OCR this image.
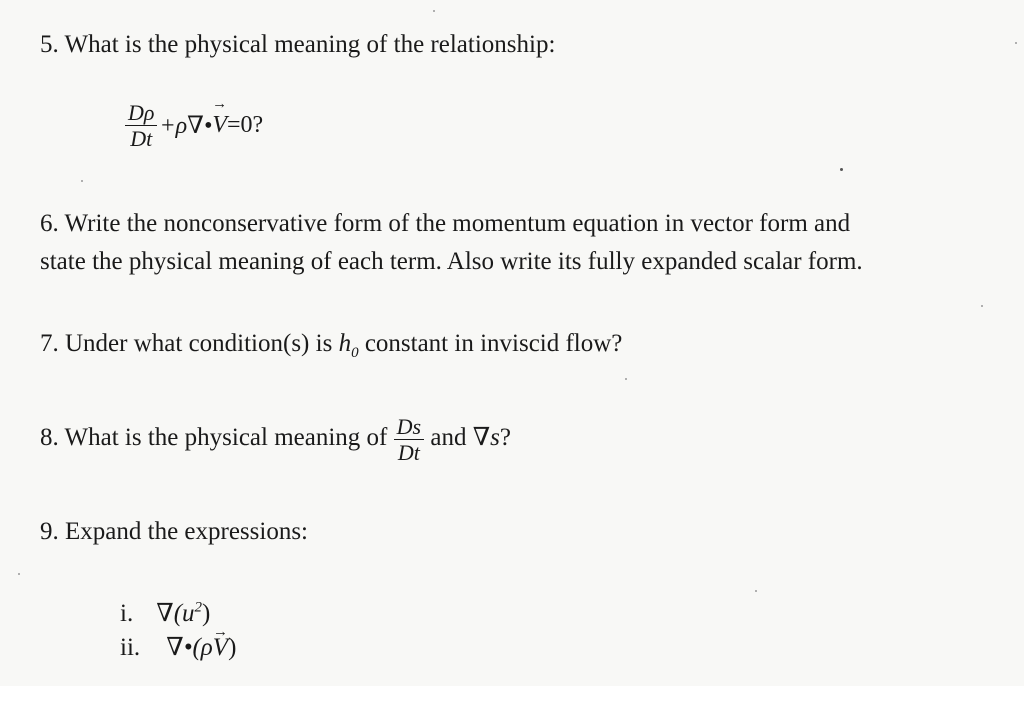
5. What is the physical meaning of the relationship:
$\frac{D\rho}{Dt}$ +ρ∇• V → =0?
6. Write the nonconservative form of the momentum equation in vector form and
state the physical meaning of each term. Also write its fully expanded scalar form.
7. Under what condition(s) is $h_0$ constant in inviscid flow?
8. What is the physical meaning of $\frac{Ds}{Dt}$ and ∇s?
9. Expand the expressions:
i. $\nabla(u^2)$
ii. ∇•(ρV →)
